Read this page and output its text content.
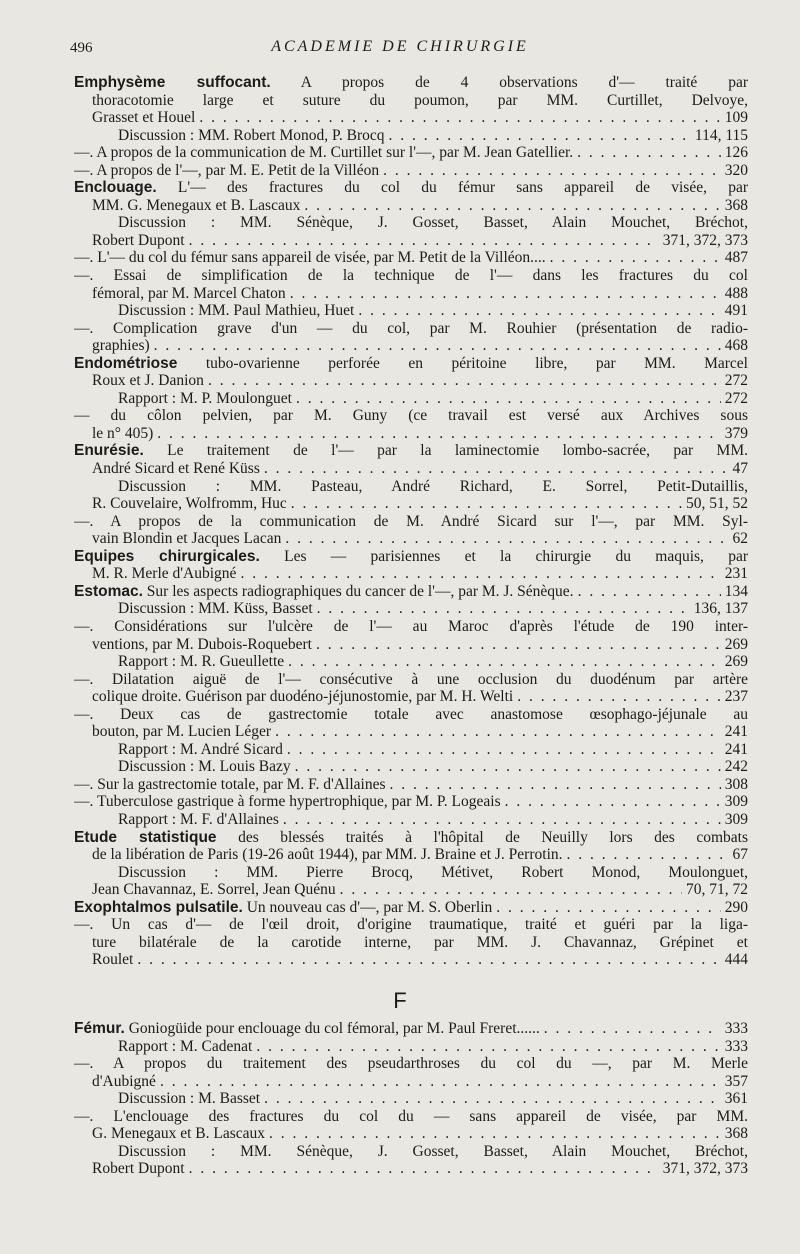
496	ACADEMIE DE CHIRURGIE
Emphysème suffocant. A propos de 4 observations d'— traité par
thoracotomie large et suture du poumon, par MM. Curtillet, Delvoye,
Grasset et Houel . . .	109
Discussion : MM. Robert Monod, P. Brocq . . .	114, 115
—. A propos de la communication de M. Curtillet sur l'—, par M. Jean Gatellier. . . .	126
—. A propos de l'—, par M. E. Petit de la Villéon . . .	320
Enclouage. L'— des fractures du col du fémur sans appareil de visée, par
MM. G. Menegaux et B. Lascaux . . .	368
Discussion : MM. Sénèque, J. Gosset, Basset, Alain Mouchet, Bréchot,
Robert Dupont . . .	371, 372, 373
—. L'— du col du fémur sans appareil de visée, par M. Petit de la Villéon.... . . .	487
—. Essai de simplification de la technique de l'— dans les fractures du col
fémoral, par M. Marcel Chaton . . .	488
Discussion : MM. Paul Mathieu, Huet . . .	491
—. Complication grave d'un — du col, par M. Rouhier (présentation de radio-
graphies) . . .	468
Endométriose tubo-ovarienne perforée en péritoine libre, par MM. Marcel
Roux et J. Danion . . .	272
Rapport : M. P. Moulonguet . . .	272
— du côlon pelvien, par M. Guny (ce travail est versé aux Archives sous
le n° 405) . . .	379
Enurésie. Le traitement de l'— par la laminectomie lombo-sacrée, par MM.
André Sicard et René Küss . . .	47
Discussion : MM. Pasteau, André Richard, E. Sorrel, Petit-Dutaillis,
R. Couvelaire, Wolfromm, Huc . . .	50, 51, 52
—. A propos de la communication de M. André Sicard sur l'—, par MM. Syl-
vain Blondin et Jacques Lacan . . .	62
Equipes chirurgicales. Les — parisiennes et la chirurgie du maquis, par
M. R. Merle d'Aubigné . . .	231
Estomac. Sur les aspects radiographiques du cancer de l'—, par M. J. Sénèque. . . .	134
Discussion : MM. Küss, Basset . . .	136, 137
—. Considérations sur l'ulcère de l'— au Maroc d'après l'étude de 190 inter-
ventions, par M. Dubois-Roquebert . . .	269
Rapport : M. R. Gueullette . . .	269
—. Dilatation aiguë de l'— consécutive à une occlusion du duodénum par artère
colique droite. Guérison par duodéno-jéjunostomie, par M. H. Welti . . .	237
—. Deux cas de gastrectomie totale avec anastomose œsophago-jéjunale au
bouton, par M. Lucien Léger . . .	241
Rapport : M. André Sicard . . .	241
Discussion : M. Louis Bazy . . .	242
—. Sur la gastrectomie totale, par M. F. d'Allaines . . .	308
—. Tuberculose gastrique à forme hypertrophique, par M. P. Logeais . . .	309
Rapport : M. F. d'Allaines . . .	309
Etude statistique des blessés traités à l'hôpital de Neuilly lors des combats
de la libération de Paris (19-26 août 1944), par MM. J. Braine et J. Perrotin. . . .	67
Discussion : MM. Pierre Brocq, Métivet, Robert Monod, Moulonguet,
Jean Chavannaz, E. Sorrel, Jean Quénu . . .	70, 71, 72
Exophtalmos pulsatile. Un nouveau cas d'—, par M. S. Oberlin . . .	290
—. Un cas d'— de l'œil droit, d'origine traumatique, traité et guéri par la liga-
ture bilatérale de la carotide interne, par MM. J. Chavannaz, Grépinet et
Roulet . . .	444
F
Fémur. Goniogüide pour enclouage du col fémoral, par M. Paul Freret...... . . .	333
Rapport : M. Cadenat . . .	333
—. A propos du traitement des pseudarthroses du col du —, par M. Merle
d'Aubigné . . .	357
Discussion : M. Basset . . .	361
—. L'enclouage des fractures du col du — sans appareil de visée, par MM.
G. Menegaux et B. Lascaux . . .	368
Discussion : MM. Sénèque, J. Gosset, Basset, Alain Mouchet, Bréchot,
Robert Dupont . . .	371, 372, 373
